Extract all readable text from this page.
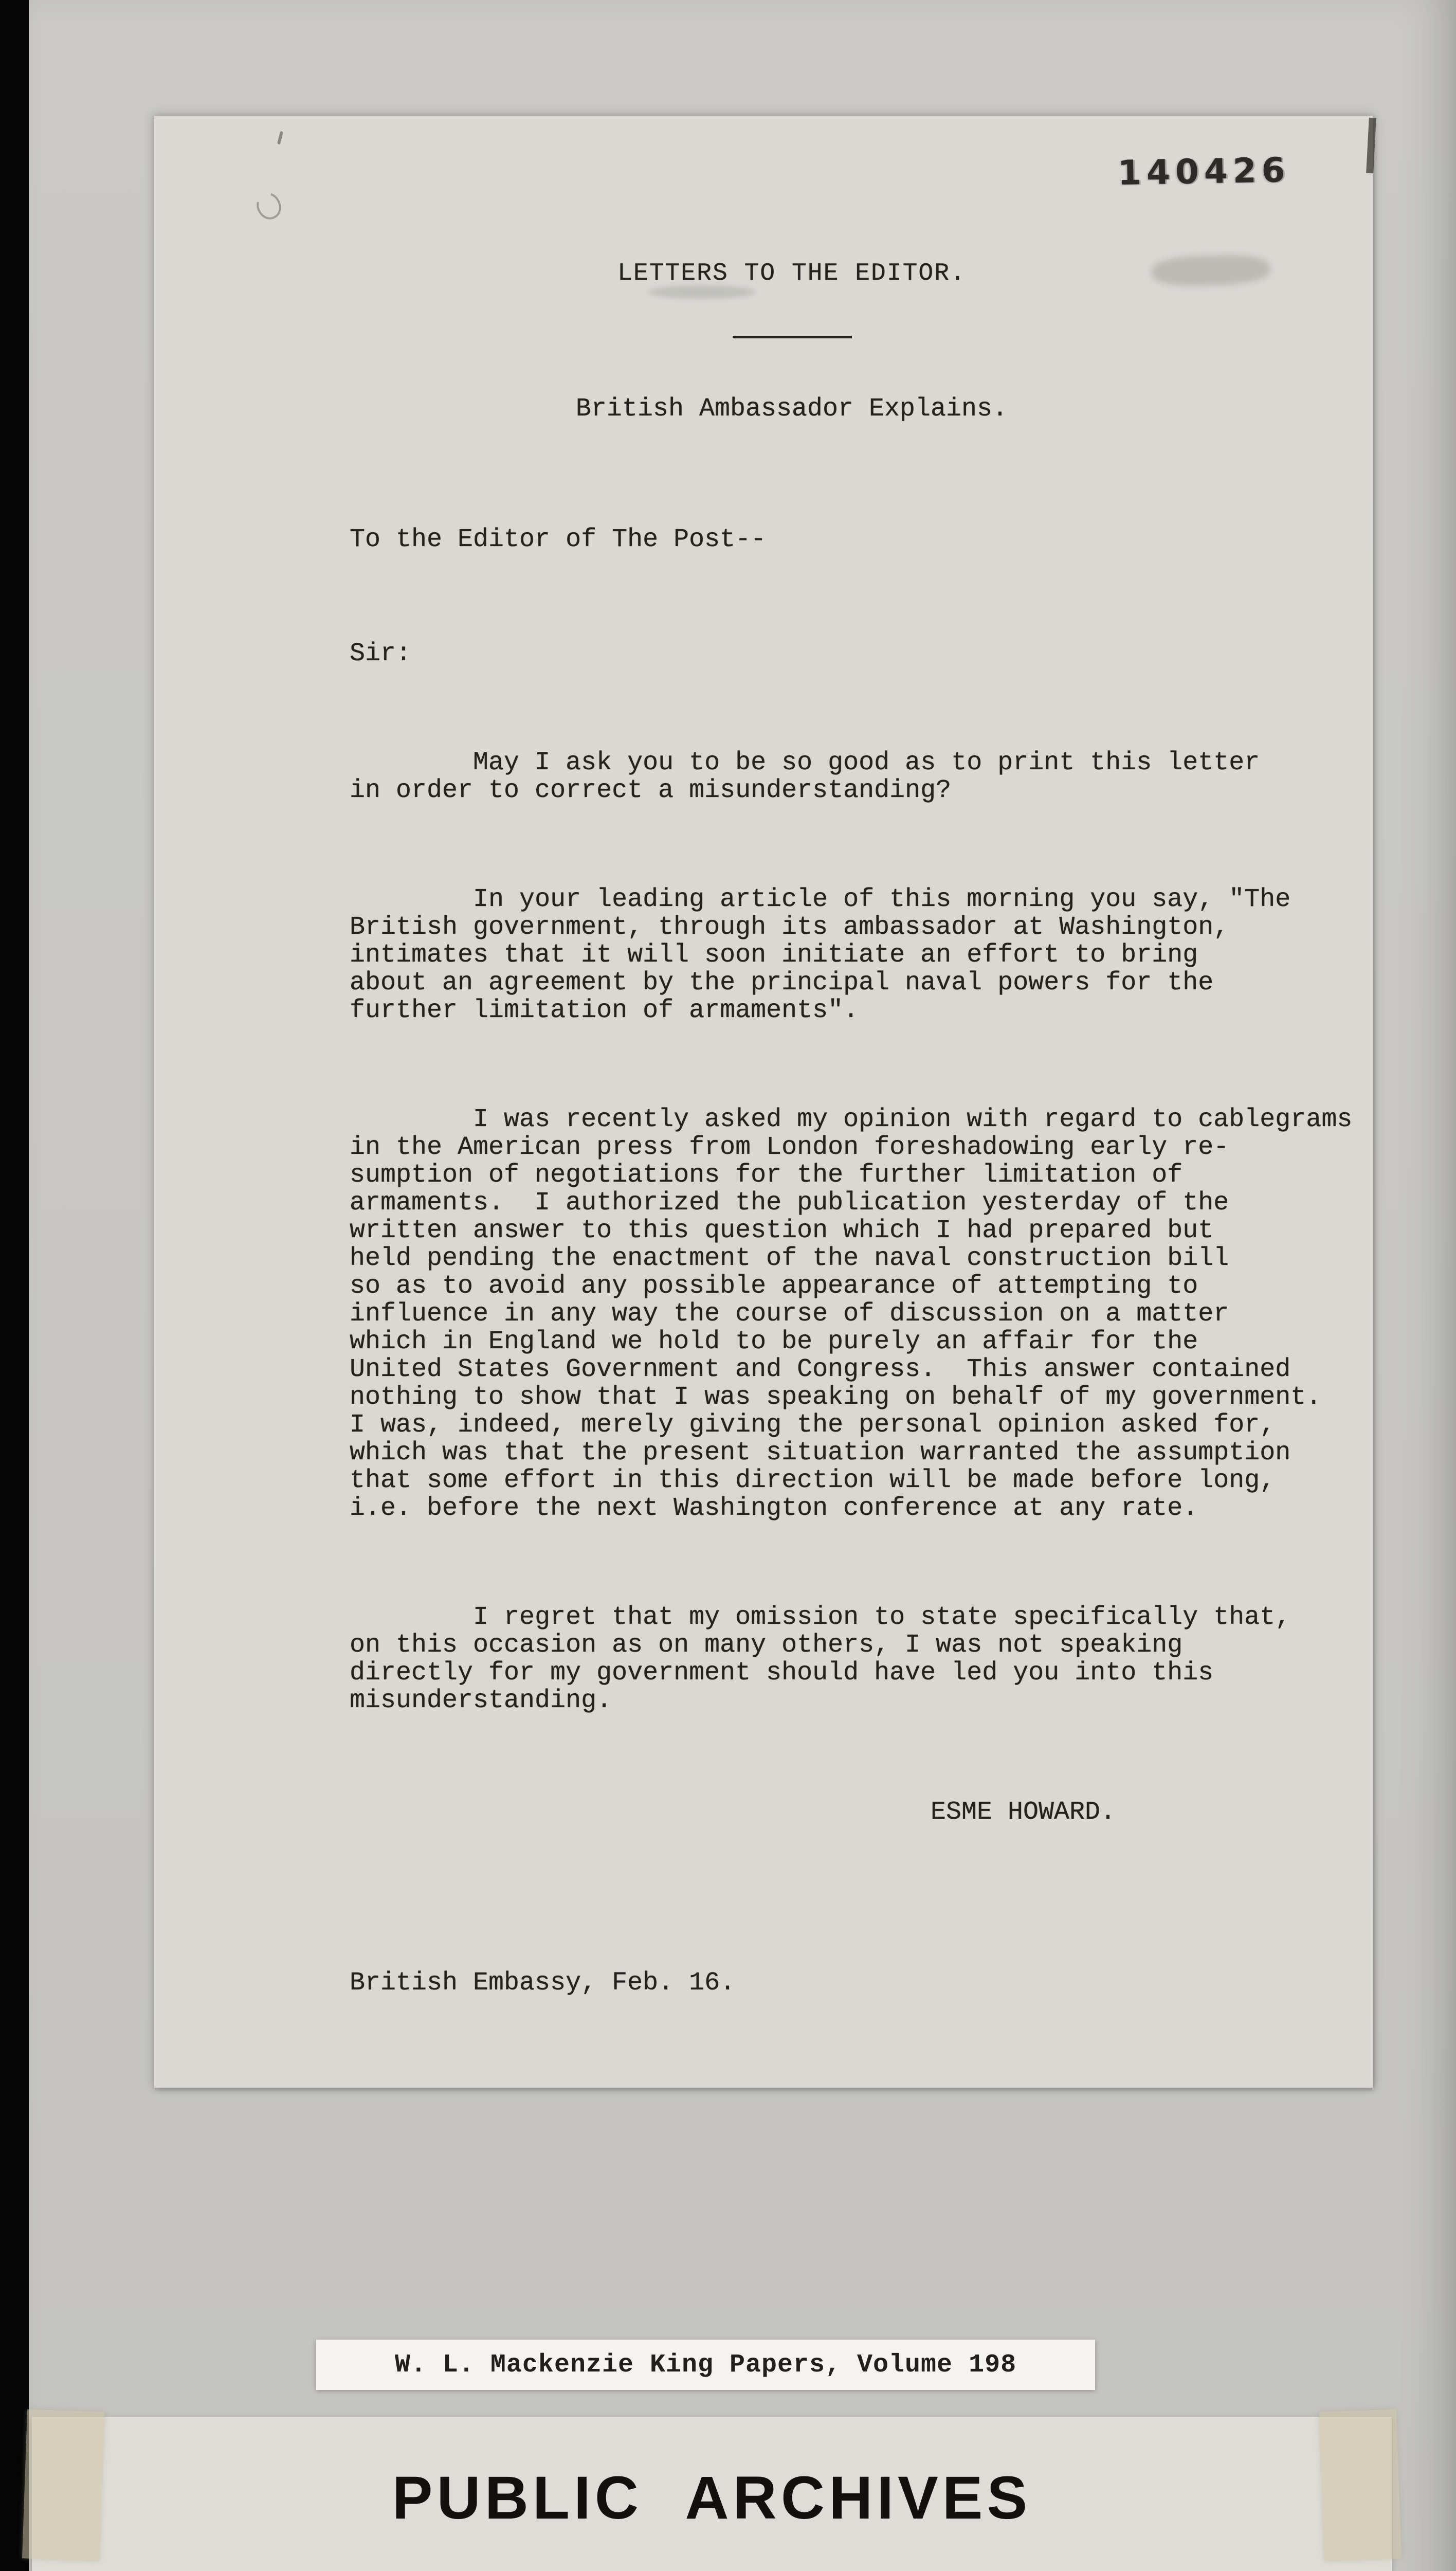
140426
LETTERS TO THE EDITOR.
British Ambassador Explains.

To the Editor of The Post--

Sir:

May I ask you to be so good as to print this letter
in order to correct a misunderstanding?

In your leading article of this morning you say, "The
British government, through its ambassador at Washington,
intimates that it will soon initiate an effort to bring
about an agreement by the principal naval powers for the
further limitation of armaments".

I was recently asked my opinion with regard to cablegrams
in the American press from London foreshadowing early re-
sumption of negotiations for the further limitation of
armaments.  I authorized the publication yesterday of the
written answer to this question which I had prepared but
held pending the enactment of the naval construction bill
so as to avoid any possible appearance of attempting to
influence in any way the course of discussion on a matter
which in England we hold to be purely an affair for the
United States Government and Congress.  This answer contained
nothing to show that I was speaking on behalf of my government.
I was, indeed, merely giving the personal opinion asked for,
which was that the present situation warranted the assumption
that some effort in this direction will be made before long,
i.e. before the next Washington conference at any rate.

I regret that my omission to state specifically that,
on this occasion as on many others, I was not speaking
directly for my government should have led you into this
misunderstanding.

ESME HOWARD.

British Embassy, Feb. 16.

W. L. Mackenzie King Papers, Volume 198
PUBLIC ARCHIVES
